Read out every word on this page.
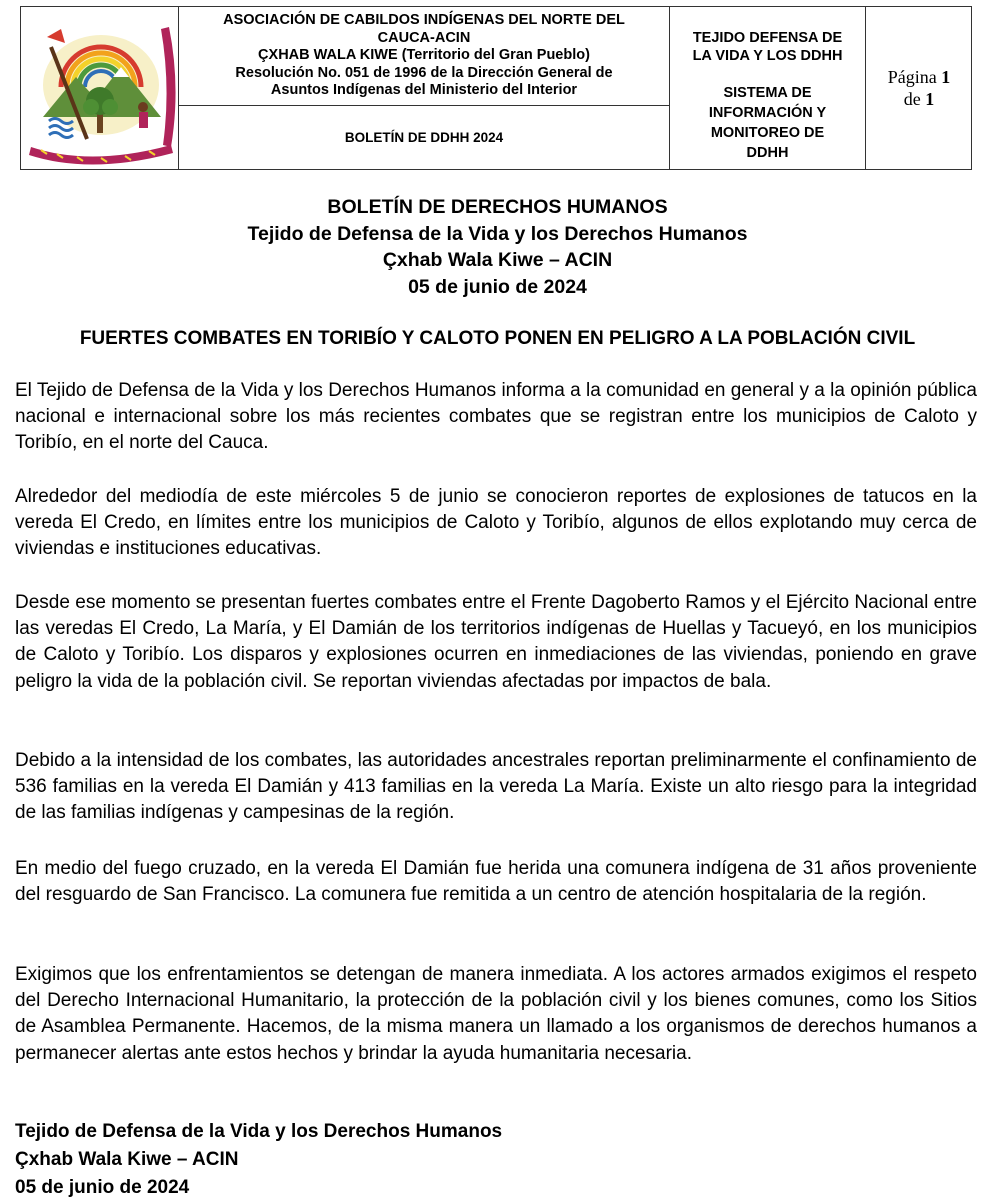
ASOCIACIÓN DE CABILDOS INDÍGENAS DEL NORTE DEL
CAUCA-ACIN
ÇXHAB WALA KIWE (Territorio del Gran Pueblo)
Resolución No. 051 de 1996 de la Dirección General de
Asuntos Indígenas del Ministerio del Interior
BOLETÍN DE DDHH 2024
TEJIDO DEFENSA DE
LA VIDA Y LOS DDHH
SISTEMA DE
INFORMACIÓN Y
MONITOREO DE
DDHH
Página 1
de 1
BOLETÍN DE DERECHOS HUMANOS
Tejido de Defensa de la Vida y los Derechos Humanos
Çxhab Wala Kiwe – ACIN
05 de junio de 2024
FUERTES COMBATES EN TORIBÍO Y CALOTO PONEN EN PELIGRO A LA POBLACIÓN CIVIL

El Tejido de Defensa de la Vida y los Derechos Humanos informa a la comunidad en general y a la opinión pública nacional e internacional sobre los más recientes combates que se registran entre los municipios de Caloto y Toribío, en el norte del Cauca.

Alrededor del mediodía de este miércoles 5 de junio se conocieron reportes de explosiones de tatucos en la vereda El Credo, en límites entre los municipios de Caloto y Toribío, algunos de ellos explotando muy cerca de viviendas e instituciones educativas.

Desde ese momento se presentan fuertes combates entre el Frente Dagoberto Ramos y el Ejército Nacional entre las veredas El Credo, La María, y El Damián de los territorios indígenas de Huellas y Tacueyó, en los municipios de Caloto y Toribío. Los disparos y explosiones ocurren en inmediaciones de las viviendas, poniendo en grave peligro la vida de la población civil. Se reportan viviendas afectadas por impactos de bala.

Debido a la intensidad de los combates, las autoridades ancestrales reportan preliminarmente el confinamiento de 536 familias en la vereda El Damián y 413 familias en la vereda La María. Existe un alto riesgo para la integridad de las familias indígenas y campesinas de la región.

En medio del fuego cruzado, en la vereda El Damián fue herida una comunera indígena de 31 años proveniente del resguardo de San Francisco. La comunera fue remitida a un centro de atención hospitalaria de la región.

Exigimos que los enfrentamientos se detengan de manera inmediata. A los actores armados exigimos el respeto del Derecho Internacional Humanitario, la protección de la población civil y los bienes comunes, como los Sitios de Asamblea Permanente. Hacemos, de la misma manera un llamado a los organismos de derechos humanos a permanecer alertas ante estos hechos y brindar la ayuda humanitaria necesaria.

Tejido de Defensa de la Vida y los Derechos Humanos
Çxhab Wala Kiwe – ACIN
05 de junio de 2024
